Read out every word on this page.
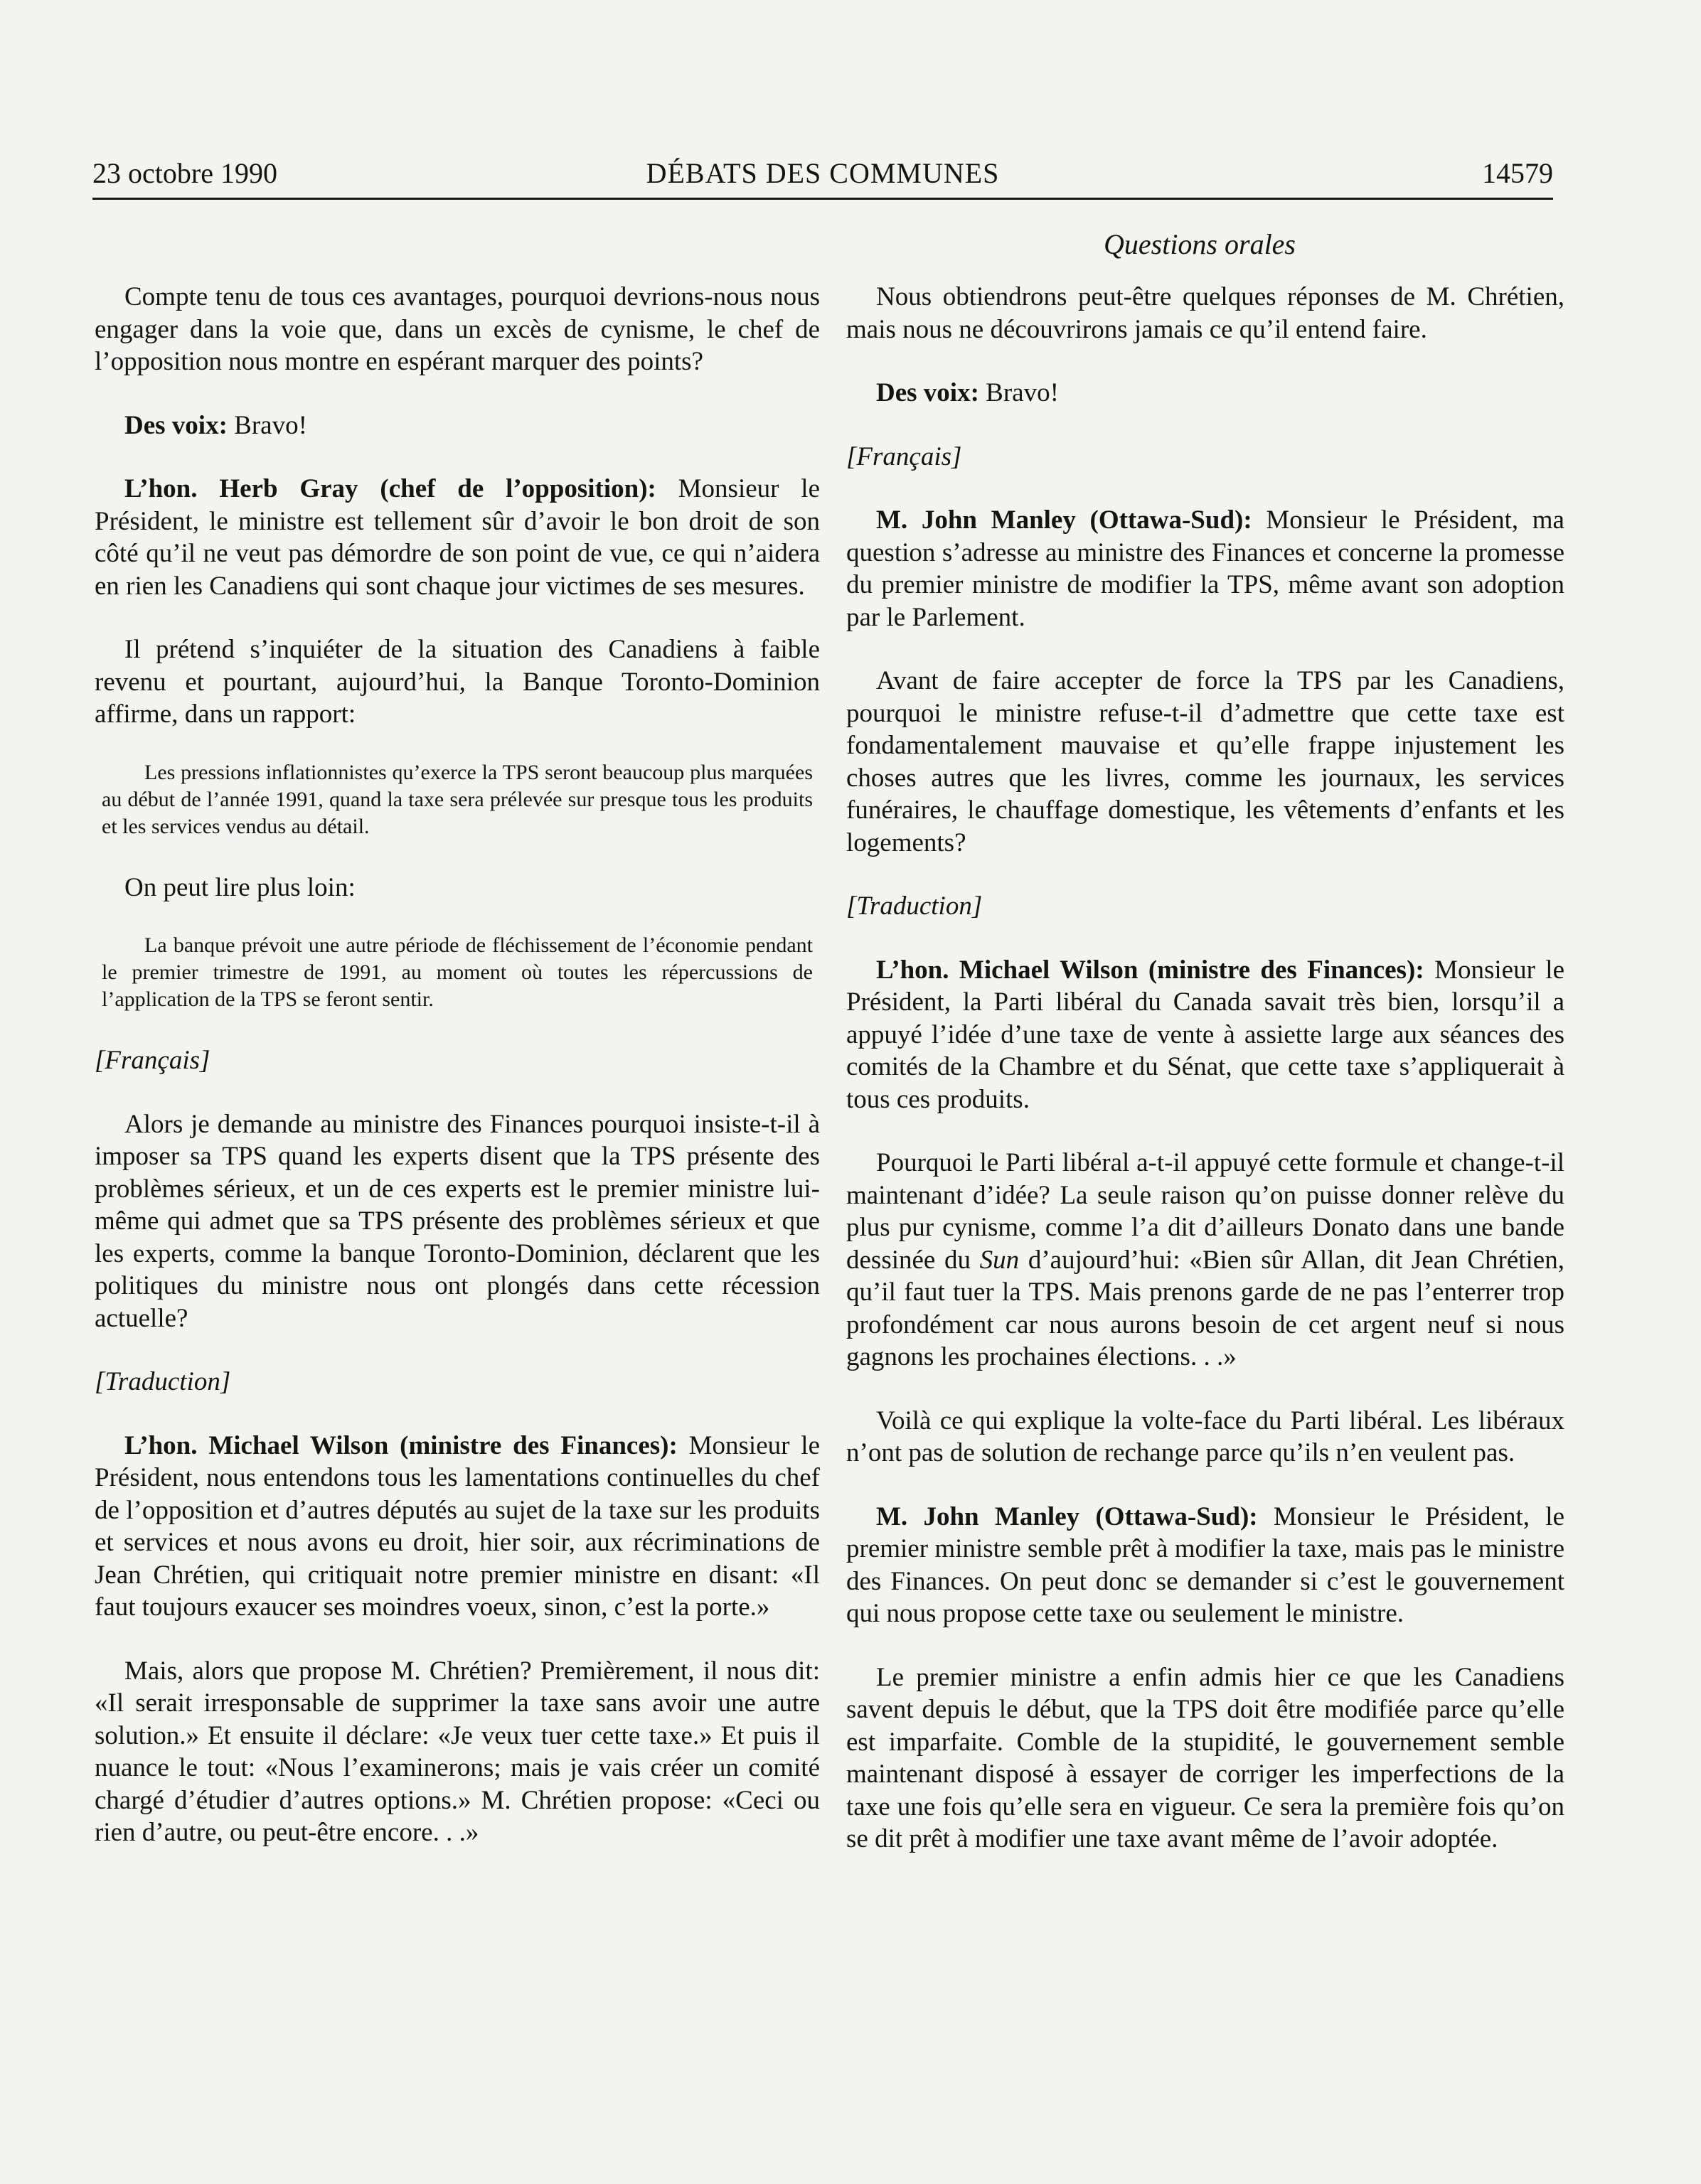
23 octobre 1990	DÉBATS DES COMMUNES	14579
Questions orales

Compte tenu de tous ces avantages, pourquoi devrions-nous nous engager dans la voie que, dans un excès de cynisme, le chef de l’opposition nous montre en espérant marquer des points?

Des voix: Bravo!

L’hon. Herb Gray (chef de l’opposition): Monsieur le Président, le ministre est tellement sûr d’avoir le bon droit de son côté qu’il ne veut pas démordre de son point de vue, ce qui n’aidera en rien les Canadiens qui sont chaque jour victimes de ses mesures.

Il prétend s’inquiéter de la situation des Canadiens à faible revenu et pourtant, aujourd’hui, la Banque Toronto-Dominion affirme, dans un rapport:

Les pressions inflationnistes qu’exerce la TPS seront beaucoup plus marquées au début de l’année 1991, quand la taxe sera prélevée sur presque tous les produits et les services vendus au détail.

On peut lire plus loin:

La banque prévoit une autre période de fléchissement de l’économie pendant le premier trimestre de 1991, au moment où toutes les répercussions de l’application de la TPS se feront sentir.

[Français]

Alors je demande au ministre des Finances pourquoi insiste-t-il à imposer sa TPS quand les experts disent que la TPS présente des problèmes sérieux, et un de ces experts est le premier ministre lui-même qui admet que sa TPS présente des problèmes sérieux et que les experts, comme la banque Toronto-Dominion, déclarent que les politiques du ministre nous ont plongés dans cette récession actuelle?

[Traduction]

L’hon. Michael Wilson (ministre des Finances): Monsieur le Président, nous entendons tous les lamentations continuelles du chef de l’opposition et d’autres députés au sujet de la taxe sur les produits et services et nous avons eu droit, hier soir, aux récriminations de Jean Chrétien, qui critiquait notre premier ministre en disant: «Il faut toujours exaucer ses moindres voeux, sinon, c’est la porte.»

Mais, alors que propose M. Chrétien? Premièrement, il nous dit: «Il serait irresponsable de supprimer la taxe sans avoir une autre solution.» Et ensuite il déclare: «Je veux tuer cette taxe.» Et puis il nuance le tout: «Nous l’examinerons; mais je vais créer un comité chargé d’étudier d’autres options.» M. Chrétien propose: «Ceci ou rien d’autre, ou peut-être encore. . .»

Nous obtiendrons peut-être quelques réponses de M. Chrétien, mais nous ne découvrirons jamais ce qu’il entend faire.

Des voix: Bravo!

[Français]

M. John Manley (Ottawa-Sud): Monsieur le Président, ma question s’adresse au ministre des Finances et concerne la promesse du premier ministre de modifier la TPS, même avant son adoption par le Parlement.

Avant de faire accepter de force la TPS par les Canadiens, pourquoi le ministre refuse-t-il d’admettre que cette taxe est fondamentalement mauvaise et qu’elle frappe injustement les choses autres que les livres, comme les journaux, les services funéraires, le chauffage domestique, les vêtements d’enfants et les logements?

[Traduction]

L’hon. Michael Wilson (ministre des Finances): Monsieur le Président, la Parti libéral du Canada savait très bien, lorsqu’il a appuyé l’idée d’une taxe de vente à assiette large aux séances des comités de la Chambre et du Sénat, que cette taxe s’appliquerait à tous ces produits.

Pourquoi le Parti libéral a-t-il appuyé cette formule et change-t-il maintenant d’idée? La seule raison qu’on puisse donner relève du plus pur cynisme, comme l’a dit d’ailleurs Donato dans une bande dessinée du Sun d’aujourd’hui: «Bien sûr Allan, dit Jean Chrétien, qu’il faut tuer la TPS. Mais prenons garde de ne pas l’enterrer trop profondément car nous aurons besoin de cet argent neuf si nous gagnons les prochaines élections. . .»

Voilà ce qui explique la volte-face du Parti libéral. Les libéraux n’ont pas de solution de rechange parce qu’ils n’en veulent pas.

M. John Manley (Ottawa-Sud): Monsieur le Président, le premier ministre semble prêt à modifier la taxe, mais pas le ministre des Finances. On peut donc se demander si c’est le gouvernement qui nous propose cette taxe ou seulement le ministre.

Le premier ministre a enfin admis hier ce que les Canadiens savent depuis le début, que la TPS doit être modifiée parce qu’elle est imparfaite. Comble de la stupidité, le gouvernement semble maintenant disposé à essayer de corriger les imperfections de la taxe une fois qu’elle sera en vigueur. Ce sera la première fois qu’on se dit prêt à modifier une taxe avant même de l’avoir adoptée.
